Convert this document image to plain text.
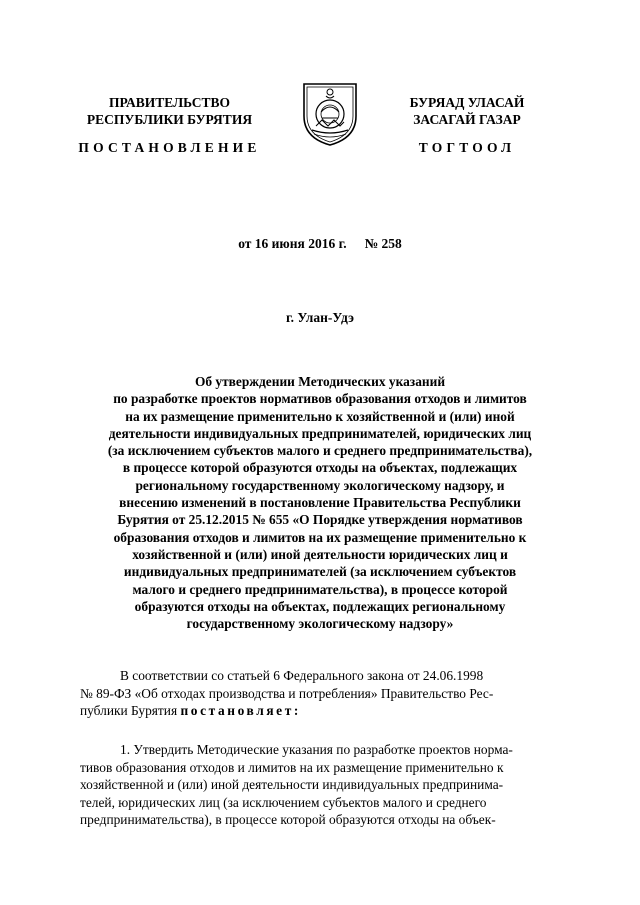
ПРАВИТЕЛЬСТВО
РЕСПУБЛИКИ БУРЯТИЯ
БУРЯАД УЛАСАЙ
ЗАСАГАЙ ГАЗАР
ПОСТАНОВЛЕНИЕ	ТОГТООЛ
от 16 июня 2016 г. № 258
г. Улан-Удэ
Об утверждении Методических указаний
по разработке проектов нормативов образования отходов и лимитов
на их размещение применительно к хозяйственной и (или) иной
деятельности индивидуальных предпринимателей, юридических лиц
(за исключением субъектов малого и среднего предпринимательства),
в процессе которой образуются отходы на объектах, подлежащих
региональному государственному экологическому надзору, и
внесению изменений в постановление Правительства Республики
Бурятия от 25.12.2015 № 655 «О Порядке утверждения нормативов
образования отходов и лимитов на их размещение применительно к
хозяйственной и (или) иной деятельности юридических лиц и
индивидуальных предпринимателей (за исключением субъектов
малого и среднего предпринимательства), в процессе которой
образуются отходы на объектах, подлежащих региональному
государственному экологическому надзору»
В соответствии со статьей 6 Федерального закона от 24.06.1998
№ 89-ФЗ «Об отходах производства и потребления» Правительство Рес-
публики Бурятия постановляет:
1. Утвердить Методические указания по разработке проектов норма-
тивов образования отходов и лимитов на их размещение применительно к
хозяйственной и (или) иной деятельности индивидуальных предпринима-
телей, юридических лиц (за исключением субъектов малого и среднего
предпринимательства), в процессе которой образуются отходы на объек-
